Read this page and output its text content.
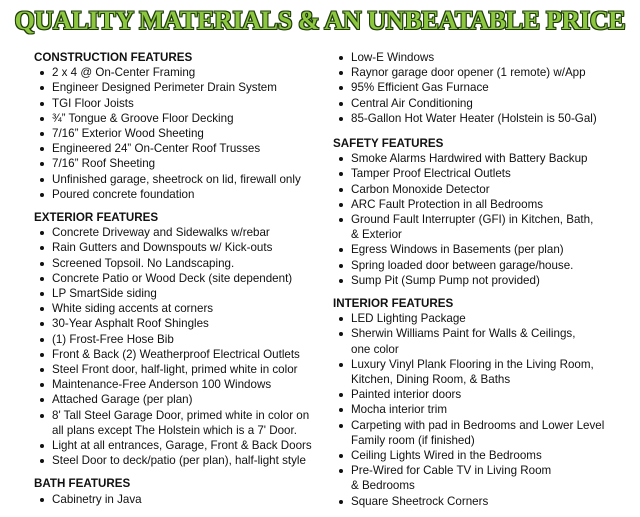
QUALITY MATERIALS & AN UNBEATABLE PRICE
CONSTRUCTION FEATURES
2 x 4 @ On-Center Framing
Engineer Designed Perimeter Drain System
TGI Floor Joists
¾” Tongue & Groove Floor Decking
7/16” Exterior Wood Sheeting
Engineered 24” On-Center Roof Trusses
7/16” Roof Sheeting
Unfinished garage, sheetrock on lid, firewall only
Poured concrete foundation
EXTERIOR FEATURES
Concrete Driveway and Sidewalks w/rebar
Rain Gutters and Downspouts w/ Kick-outs
Screened Topsoil. No Landscaping.
Concrete Patio or Wood Deck (site dependent)
LP SmartSide siding
White siding accents at corners
30-Year Asphalt Roof Shingles
(1) Frost-Free Hose Bib
Front & Back (2) Weatherproof Electrical Outlets
Steel Front door, half-light, primed white in color
Maintenance-Free Anderson 100 Windows
Attached Garage (per plan)
8' Tall Steel Garage Door, primed white in color on
all plans except The Holstein which is a 7' Door.
Light at all entrances, Garage, Front & Back Doors
Steel Door to deck/patio (per plan), half-light style
BATH FEATURES
Cabinetry in Java
Low-E Windows
Raynor garage door opener (1 remote) w/App
95% Efficient Gas Furnace
Central Air Conditioning
85-Gallon Hot Water Heater (Holstein is 50-Gal)
SAFETY FEATURES
Smoke Alarms Hardwired with Battery Backup
Tamper Proof Electrical Outlets
Carbon Monoxide Detector
ARC Fault Protection in all Bedrooms
Ground Fault Interrupter (GFI) in Kitchen, Bath,
& Exterior
Egress Windows in Basements (per plan)
Spring loaded door between garage/house.
Sump Pit (Sump Pump not provided)
INTERIOR FEATURES
LED Lighting Package
Sherwin Williams Paint for Walls & Ceilings,
one color
Luxury Vinyl Plank Flooring in the Living Room,
Kitchen, Dining Room, & Baths
Painted interior doors
Mocha interior trim
Carpeting with pad in Bedrooms and Lower Level
Family room (if finished)
Ceiling Lights Wired in the Bedrooms
Pre-Wired for Cable TV in Living Room
& Bedrooms
Square Sheetrock Corners
